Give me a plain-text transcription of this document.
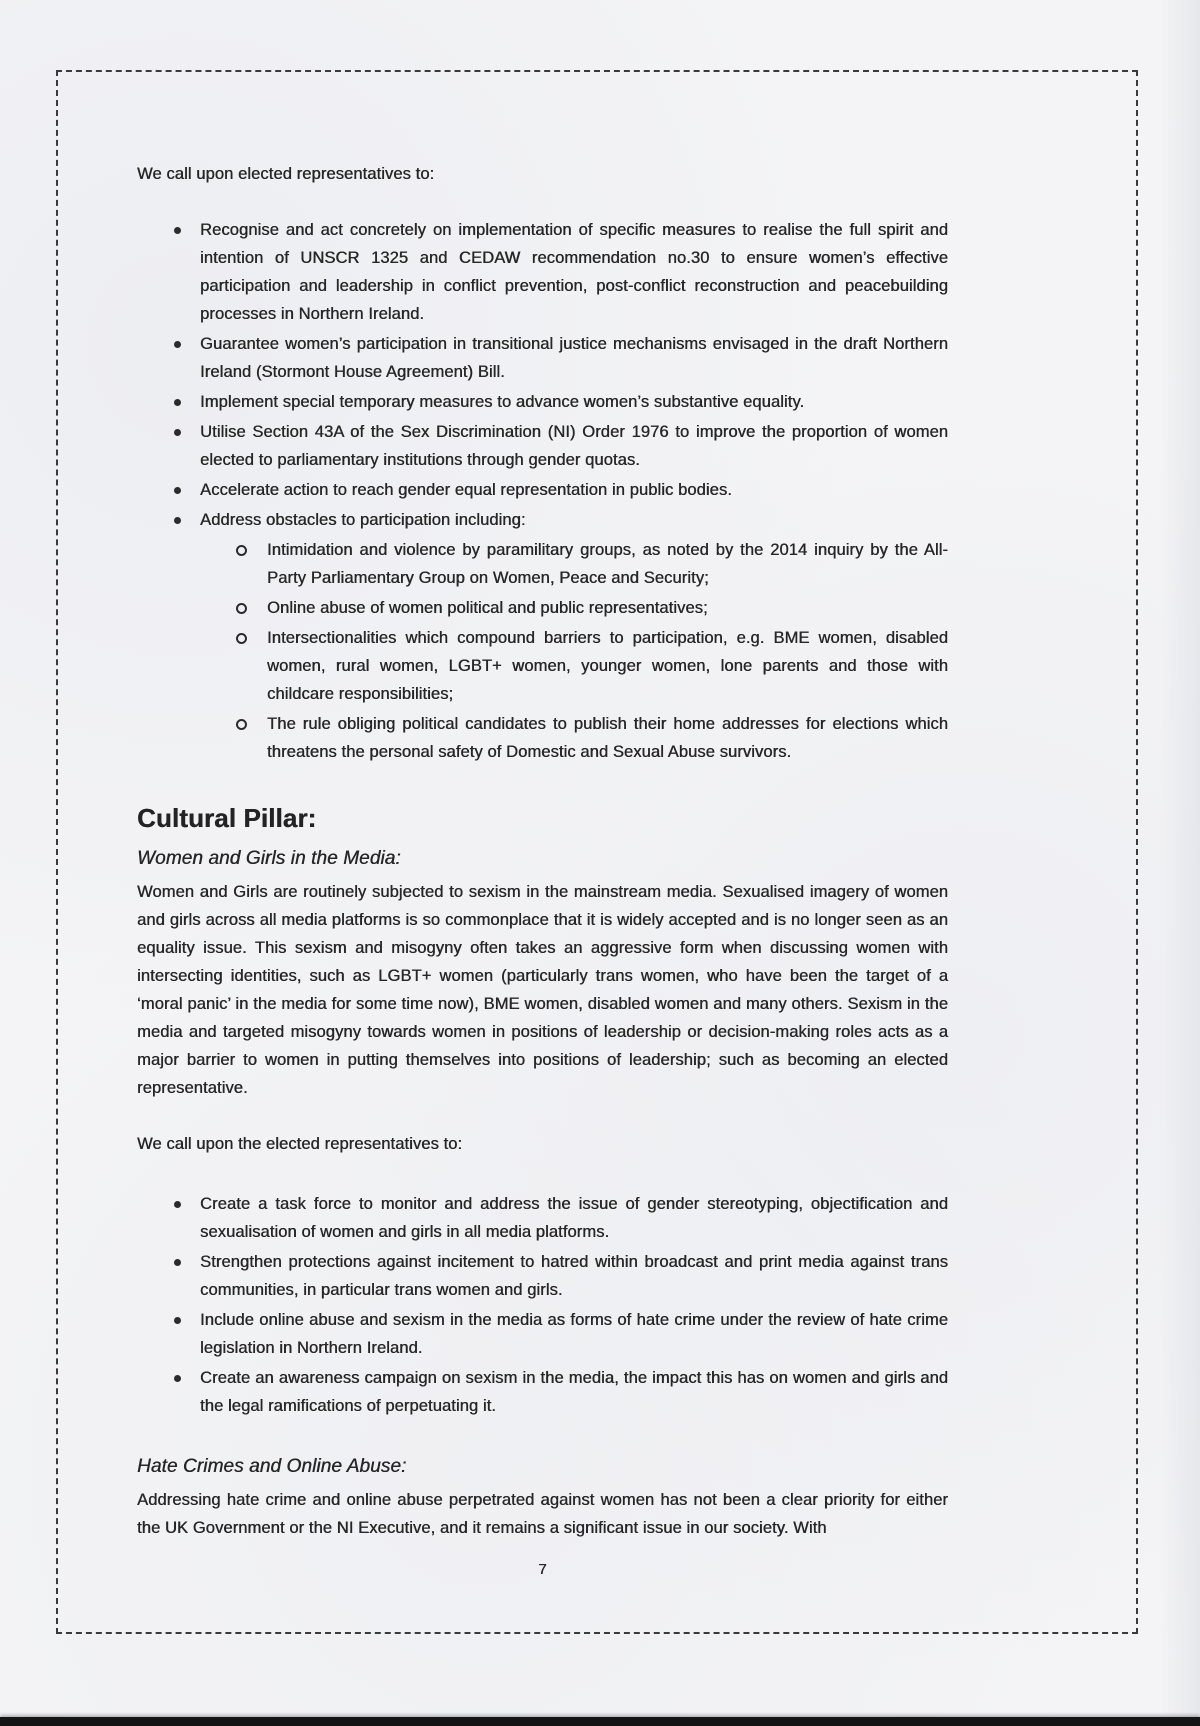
We call upon elected representatives to:

Recognise and act concretely on implementation of specific measures to realise the full spirit and intention of UNSCR 1325 and CEDAW recommendation no.30 to ensure women’s effective participation and leadership in conflict prevention, post-conflict reconstruction and peacebuilding processes in Northern Ireland.
Guarantee women’s participation in transitional justice mechanisms envisaged in the draft Northern Ireland (Stormont House Agreement) Bill.
Implement special temporary measures to advance women’s substantive equality.
Utilise Section 43A of the Sex Discrimination (NI) Order 1976 to improve the proportion of women elected to parliamentary institutions through gender quotas.
Accelerate action to reach gender equal representation in public bodies.
Address obstacles to participation including:
Intimidation and violence by paramilitary groups, as noted by the 2014 inquiry by the All-Party Parliamentary Group on Women, Peace and Security;
Online abuse of women political and public representatives;
Intersectionalities which compound barriers to participation, e.g. BME women, disabled women, rural women, LGBT+ women, younger women, lone parents and those with childcare responsibilities;
The rule obliging political candidates to publish their home addresses for elections which threatens the personal safety of Domestic and Sexual Abuse survivors.
Cultural Pillar:
Women and Girls in the Media:

Women and Girls are routinely subjected to sexism in the mainstream media. Sexualised imagery of women and girls across all media platforms is so commonplace that it is widely accepted and is no longer seen as an equality issue. This sexism and misogyny often takes an aggressive form when discussing women with intersecting identities, such as LGBT+ women (particularly trans women, who have been the target of a ‘moral panic’ in the media for some time now), BME women, disabled women and many others. Sexism in the media and targeted misogyny towards women in positions of leadership or decision-making roles acts as a major barrier to women in putting themselves into positions of leadership; such as becoming an elected representative.

We call upon the elected representatives to:

Create a task force to monitor and address the issue of gender stereotyping, objectification and sexualisation of women and girls in all media platforms.
Strengthen protections against incitement to hatred within broadcast and print media against trans communities, in particular trans women and girls.
Include online abuse and sexism in the media as forms of hate crime under the review of hate crime legislation in Northern Ireland.
Create an awareness campaign on sexism in the media, the impact this has on women and girls and the legal ramifications of perpetuating it.
Hate Crimes and Online Abuse:

Addressing hate crime and online abuse perpetrated against women has not been a clear priority for either the UK Government or the NI Executive, and it remains a significant issue in our society. With

7
